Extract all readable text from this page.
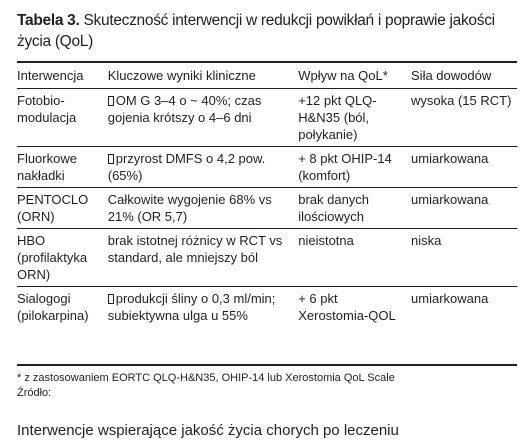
Tabela 3. Skuteczność interwencji w redukcji powikłań i poprawie jakości życia (QoL)
Interwencja	Kluczowe wyniki kliniczne	Wpływ na QoL*	Siła dowodów
Fotobio-modulacja	OM G 3–4 o ~ 40%; czas gojenia krótszy o 4–6 dni	+12 pkt QLQ-H&N35 (ból, połykanie)	wysoka (15 RCT)
Fluorkowe nakładki	przyrost DMFS o 4,2 pow. (65%)	+ 8 pkt OHIP-14 (komfort)	umiarkowana
PENTOCLO (ORN)	Całkowite wygojenie 68% vs 21% (OR 5,7)	brak danych ilościowych	umiarkowana
HBO (profilaktyka ORN)	brak istotnej różnicy w RCT vs standard, ale mniejszy ból	nieistotna	niska
Sialogogi (pilokarpina)	produkcji śliny o 0,3 ml/min; subiektywna ulga u 55%	+ 6 pkt Xerostomia-QOL	umiarkowana
* z zastosowaniem EORTC QLQ-H&N35, OHIP-14 lub Xerostomia QoL Scale
Źródło:
Interwencje wspierające jakość życia chorych po leczeniu
